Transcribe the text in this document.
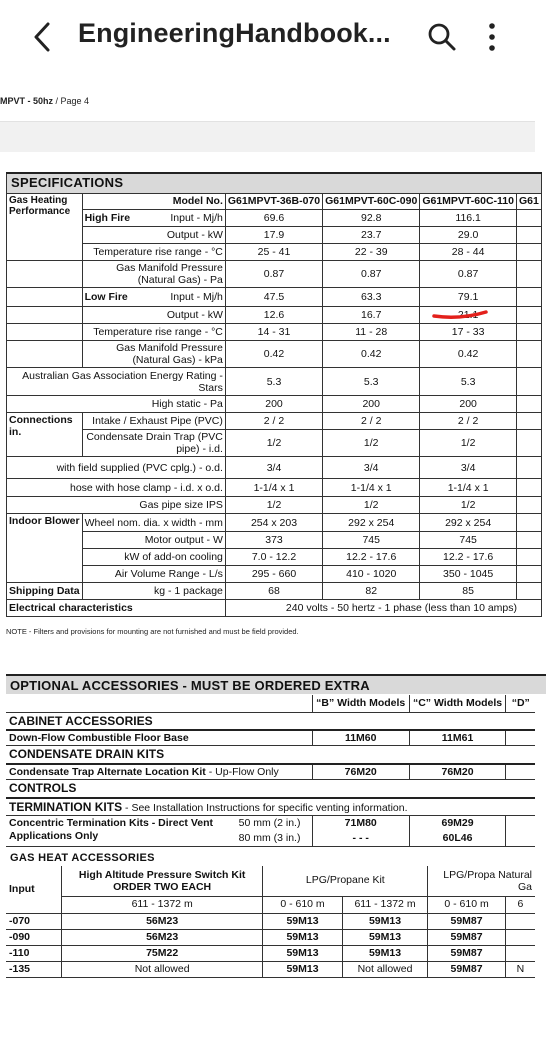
EngineeringHandbook...
MPVT - 50hz / Page 4
SPECIFICATIONS					
Gas Heating Performance	Model No.	G61MPVT-36B-070	G61MPVT-60C-090	G61MPVT-60C-110	G61

	High Fire Input - Mj/h	69.6	92.8	116.1	
	Output - kW	17.9	23.7	29.0	
	Temperature rise range - °C	25 - 41	22 - 39	28 - 44	
	Gas Manifold Pressure (Natural Gas) - Pa	0.87	0.87	0.87	

	Low Fire Input - Mj/h	47.5	63.3	79.1	
	Output - kW	12.6	16.7	21.1	
	Temperature rise range - °C	14 - 31	11 - 28	17 - 33	
	Gas Manifold Pressure (Natural Gas) - kPa	0.42	0.42	0.42	
Australian Gas Association Energy Rating - Stars		5.3	5.3	5.3	
High static - Pa		200	200	200	
Connections in.	Intake / Exhaust Pipe (PVC)	2 / 2	2 / 2	2 / 2	
	Condensate Drain Trap (PVC pipe) - i.d.	1/2	1/2	1/2	
with field supplied (PVC cplg.) - o.d.		3/4	3/4	3/4	
hose with hose clamp - i.d. x o.d.		1-1/4 x 1	1-1/4 x 1	1-1/4 x 1	
Gas pipe size IPS		1/2	1/2	1/2	
Indoor Blower	Wheel nom. dia. x width - mm	254 x 203	292 x 254	292 x 254	
	Motor output - W	373	745	745	
	kW of add-on cooling	7.0 - 12.2	12.2 - 17.6	12.2 - 17.6	
	Air Volume Range - L/s	295 - 660	410 - 1020	350 - 1045	
Shipping Data	kg - 1 package	68	82	85	
Electrical characteristics		240 volts - 50 hertz - 1 phase (less than 10 amps)			
NOTE - Filters and provisions for mounting are not furnished and must be field provided.
OPTIONAL ACCESSORIES - MUST BE ORDERED EXTRA
		“B” Width Models	“C” Width Models	“D”
CABINET ACCESSORIES				
Down-Flow Combustible Floor Base		11M60	11M61	
CONDENSATE DRAIN KITS				
Condensate Trap Alternate Location Kit - Up-Flow Only		76M20	76M20	
CONTROLS				
TERMINATION KITS - See Installation Instructions for specific venting information.				
Concentric Termination Kits - Direct Vent Applications Only	50 mm (2 in.)	71M80	69M29	
	80 mm (3 in.)	- - -	60L46	
GAS HEAT ACCESSORIES
Input	High Altitude Pressure Switch Kit ORDER TWO EACH	LPG/Propane Kit		LPG/Propa Natural Ga	
	611 - 1372 m	0 - 610 m	611 - 1372 m	0 - 610 m	6
-070	56M23	59M13	59M13	59M87	
-090	56M23	59M13	59M13	59M87	
-110	75M22	59M13	59M13	59M87	
-135	Not allowed	59M13	Not allowed	59M87	N
